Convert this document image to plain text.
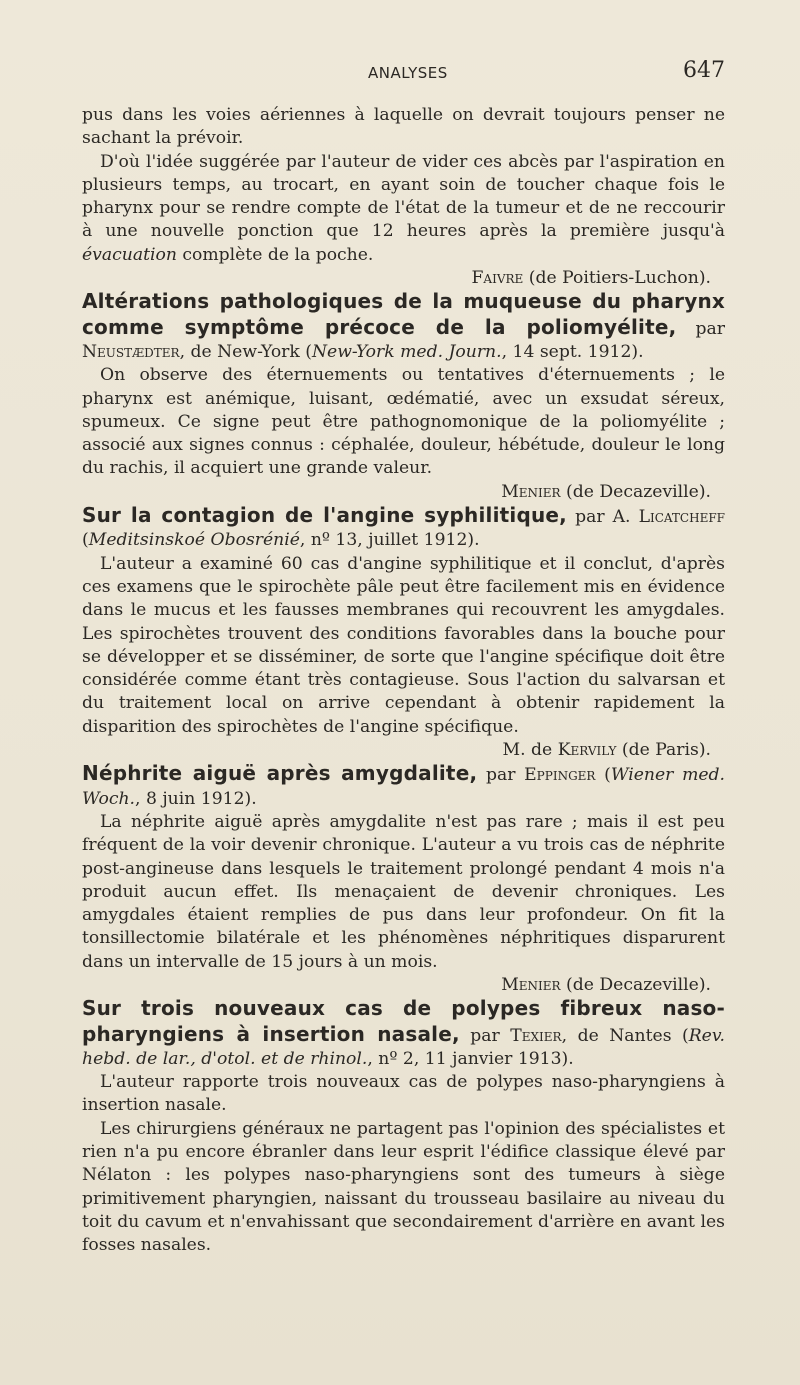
ANALYSES	647

pus dans les voies aériennes à laquelle on devrait toujours penser ne sachant la prévoir.

D'où l'idée suggérée par l'auteur de vider ces abcès par l'aspiration en plusieurs temps, au trocart, en ayant soin de toucher chaque fois le pharynx pour se rendre compte de l'état de la tumeur et de ne reccourir à une nouvelle ponction que 12 heures après la première jusqu'à évacuation complète de la poche.

Faivre (de Poitiers-Luchon).

Altérations pathologiques de la muqueuse du pharynx comme symptôme précoce de la poliomyélite, par Neustædter, de New-York (New-York med. Journ., 14 sept. 1912).

On observe des éternuements ou tentatives d'éternuements ; le pharynx est anémique, luisant, œdématié, avec un exsudat séreux, spumeux. Ce signe peut être pathognomonique de la poliomyélite ; associé aux signes connus : céphalée, douleur, hébétude, douleur le long du rachis, il acquiert une grande valeur.

Menier (de Decazeville).

Sur la contagion de l'angine syphilitique, par A. Licatcheff (Meditsinskoé Obosrénié, nº 13, juillet 1912).

L'auteur a examiné 60 cas d'angine syphilitique et il conclut, d'après ces examens que le spirochète pâle peut être facilement mis en évidence dans le mucus et les fausses membranes qui recouvrent les amygdales. Les spirochètes trouvent des conditions favorables dans la bouche pour se développer et se disséminer, de sorte que l'angine spécifique doit être considérée comme étant très contagieuse. Sous l'action du salvarsan et du traitement local on arrive cependant à obtenir rapidement la disparition des spirochètes de l'angine spécifique.

M. de Kervily (de Paris).

Néphrite aiguë après amygdalite, par Eppinger (Wiener med. Woch., 8 juin 1912).

La néphrite aiguë après amygdalite n'est pas rare ; mais il est peu fréquent de la voir devenir chronique. L'auteur a vu trois cas de néphrite post-angineuse dans lesquels le traitement prolongé pendant 4 mois n'a produit aucun effet. Ils menaçaient de devenir chroniques. Les amygdales étaient remplies de pus dans leur profondeur. On fit la tonsillectomie bilatérale et les phénomènes néphritiques disparurent dans un intervalle de 15 jours à un mois.

Menier (de Decazeville).

Sur trois nouveaux cas de polypes fibreux naso-pharyngiens à insertion nasale, par Texier, de Nantes (Rev. hebd. de lar., d'otol. et de rhinol., nº 2, 11 janvier 1913).

L'auteur rapporte trois nouveaux cas de polypes naso-pharyngiens à insertion nasale.

Les chirurgiens généraux ne partagent pas l'opinion des spécialistes et rien n'a pu encore ébranler dans leur esprit l'édifice classique élevé par Nélaton : les polypes naso-pharyngiens sont des tumeurs à siège primitivement pharyngien, naissant du trousseau basilaire au niveau du toit du cavum et n'envahissant que secondairement d'arrière en avant les fosses nasales.
